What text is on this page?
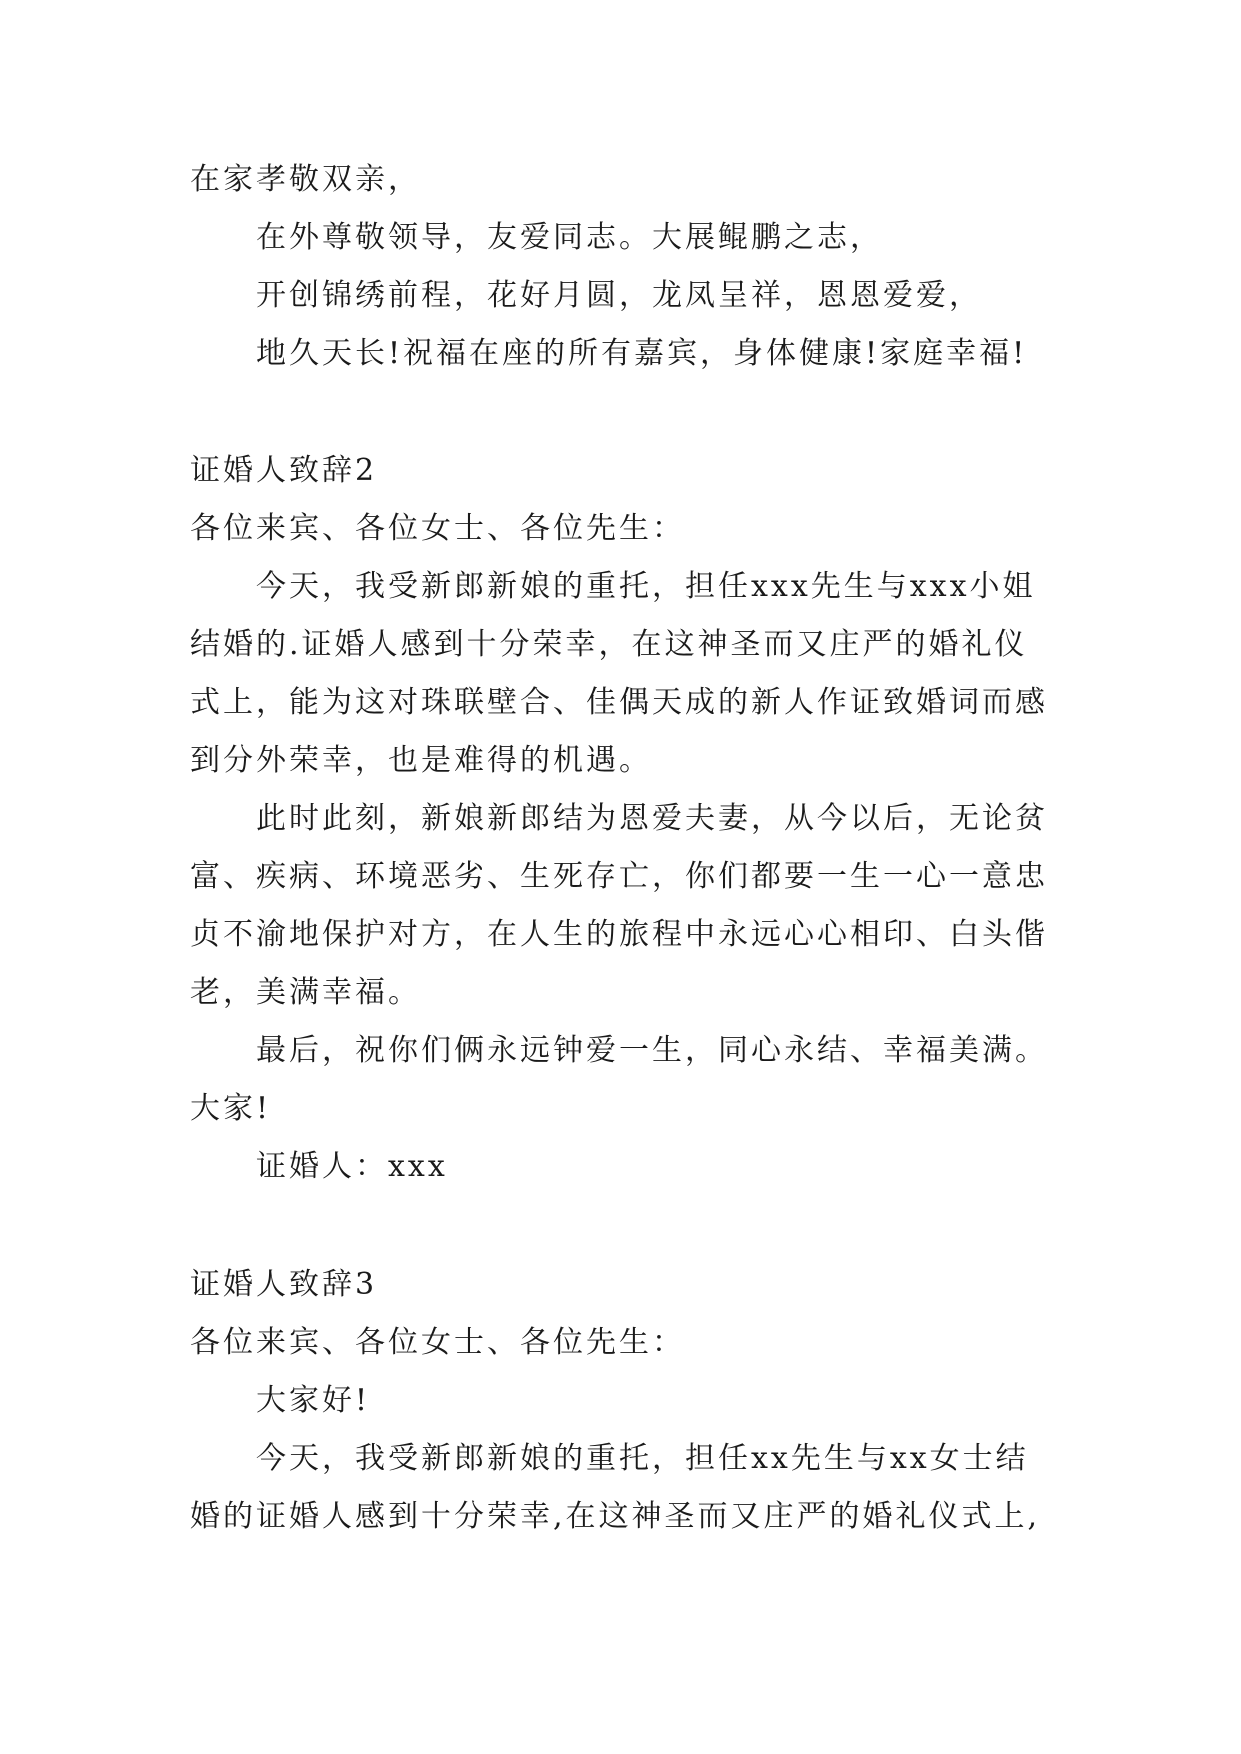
在家孝敬双亲，

在外尊敬领导，友爱同志。大展鲲鹏之志，

开创锦绣前程，花好月圆，龙凤呈祥，恩恩爱爱，

地久天长!祝福在座的所有嘉宾，身体健康!家庭幸福!

证婚人致辞2

各位来宾、各位女士、各位先生：

今天，我受新郎新娘的重托，担任xxx先生与xxx小姐

结婚的.证婚人感到十分荣幸，在这神圣而又庄严的婚礼仪

式上，能为这对珠联壁合、佳偶天成的新人作证致婚词而感

到分外荣幸，也是难得的机遇。

此时此刻，新娘新郎结为恩爱夫妻，从今以后，无论贫

富、疾病、环境恶劣、生死存亡，你们都要一生一心一意忠

贞不渝地保护对方，在人生的旅程中永远心心相印、白头偕

老，美满幸福。

最后，祝你们俩永远钟爱一生，同心永结、幸福美满。

大家!

证婚人：xxx

证婚人致辞3

各位来宾、各位女士、各位先生：

大家好!

今天，我受新郎新娘的重托，担任xx先生与xx女士结

婚的证婚人感到十分荣幸,在这神圣而又庄严的婚礼仪式上,
